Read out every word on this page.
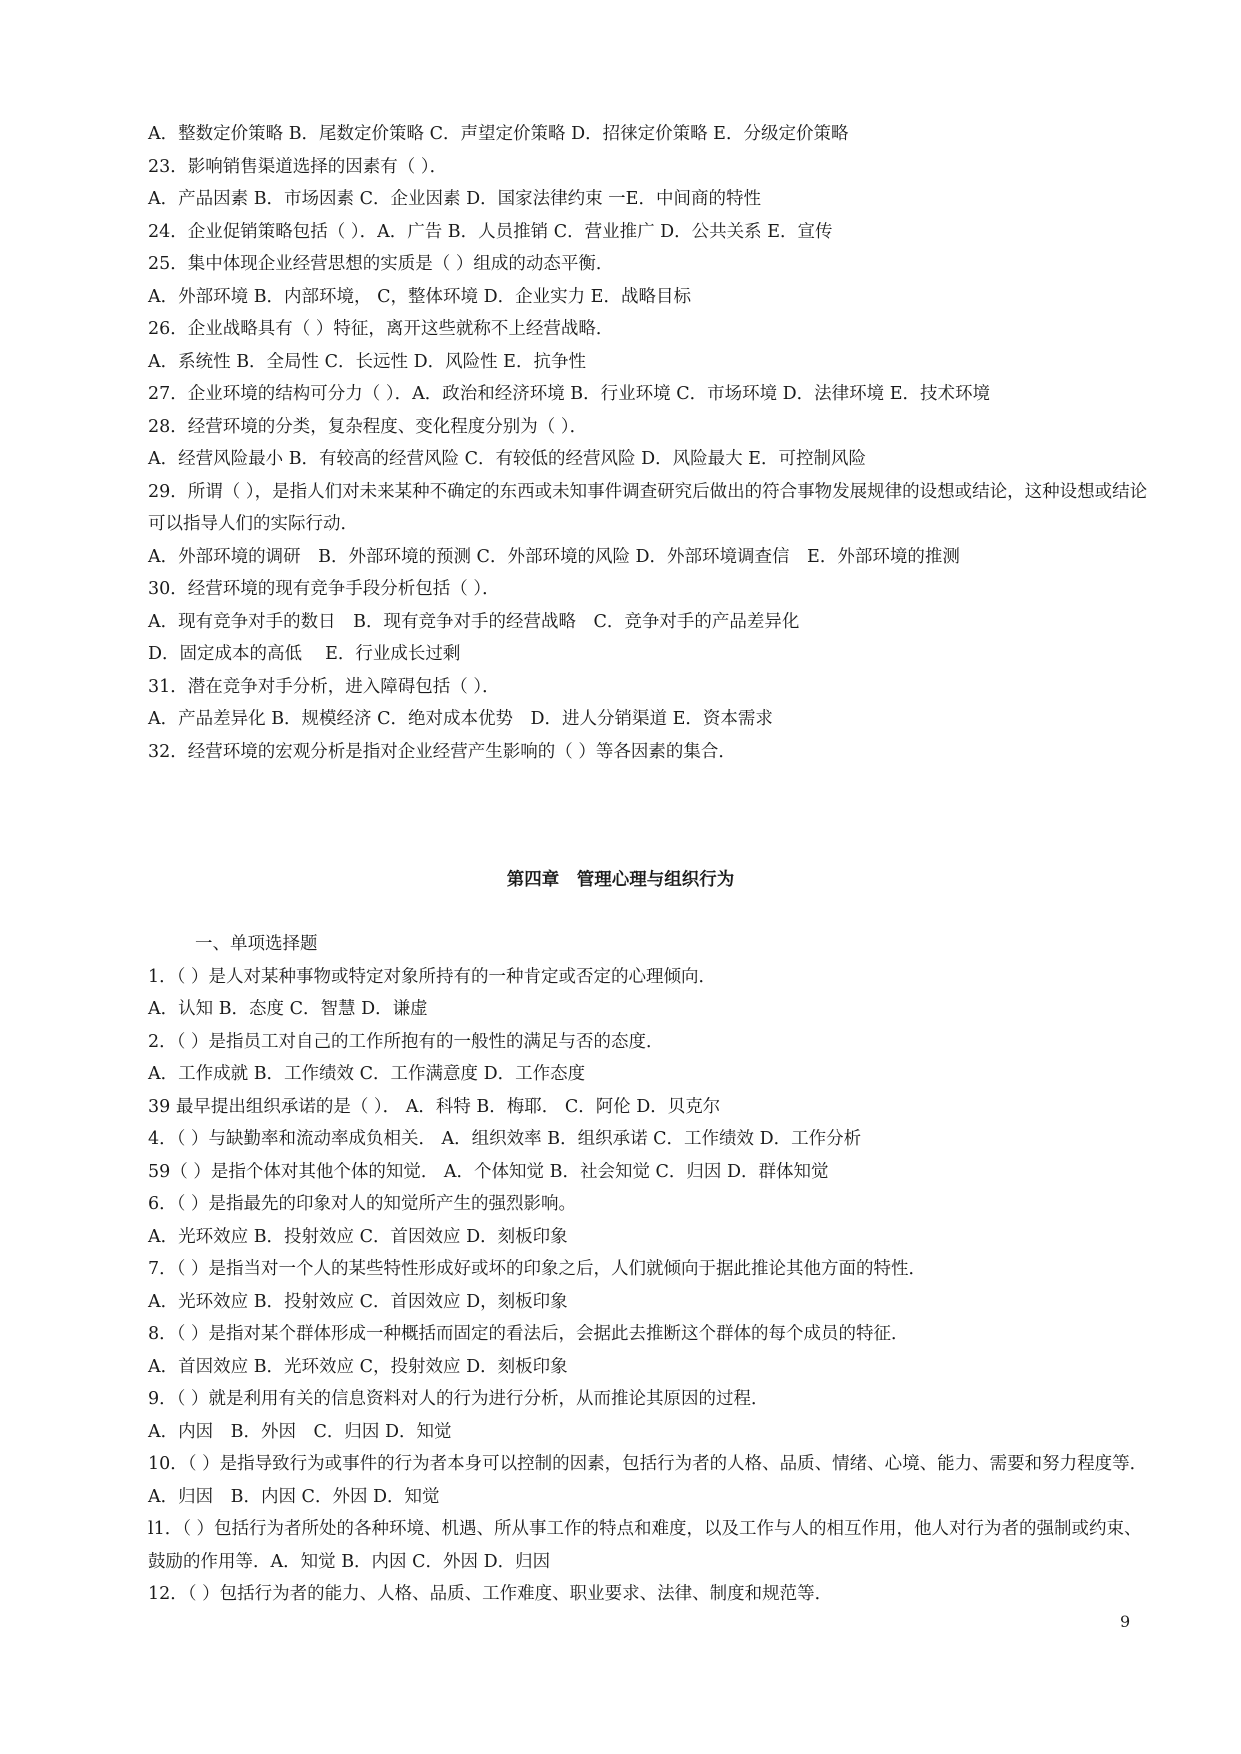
A．整数定价策略 B．尾数定价策略 C．声望定价策略 D．招徕定价策略 E．分级定价策略
23．影响销售渠道选择的因素有（ ）．
A．产品因素 B．市场因素 C．企业因素 D．国家法律约束 一E．中间商的特性
24．企业促销策略包括（ ）．A．广告 B．人员推销 C．营业推广 D．公共关系 E．宣传
25．集中体现企业经营思想的实质是（ ）组成的动态平衡．
A．外部环境 B．内部环境， C，整体环境 D．企业实力 E．战略目标
26．企业战略具有（ ）特征，离开这些就称不上经营战略．
A．系统性 B．全局性 C．长远性 D．风险性 E．抗争性
27．企业环境的结构可分力（ ）．A．政治和经济环境 B．行业环境 C．市场环境 D．法律环境 E．技术环境
28．经营环境的分类，复杂程度、变化程度分别为（ ）．
A．经营风险最小 B．有较高的经营风险 C．有较低的经营风险 D．风险最大 E．可控制风险
29．所谓（ ），是指人们对未来某种不确定的东西或未知事件调查研究后做出的符合事物发展规律的设想或结论，这种设想或结论可以指导人们的实际行动．
A．外部环境的调研　B．外部环境的预测 C．外部环境的风险 D．外部环境调查信　E．外部环境的推测
30．经营环境的现有竞争手段分析包括（ ）．
A．现有竞争对手的数日　B．现有竞争对手的经营战略　C．竞争对手的产品差异化
D．固定成本的高低　 E．行业成长过剩
31．潜在竞争对手分析，进入障碍包括（ ）．
A．产品差异化 B．规模经济 C．绝对成本优势　D．进人分销渠道 E．资本需求
32．经营环境的宏观分析是指对企业经营产生影响的（ ）等各因素的集合．
第四章　管理心理与组织行为
一、单项选择题
1．（ ）是人对某种事物或特定对象所持有的一种肯定或否定的心理倾向．
A．认知 B．态度 C．智慧 D．谦虚
2．（ ）是指员工对自己的工作所抱有的一般性的满足与否的态度．
A．工作成就 B．工作绩效 C．工作满意度 D．工作态度
39 最早提出组织承诺的是（ ）． A．科特 B．梅耶． C．阿伦 D．贝克尔
4．（ ）与缺勤率和流动率成负相关． A．组织效率 B．组织承诺 C．工作绩效 D．工作分析
59（ ）是指个体对其他个体的知觉． A．个体知觉 B．社会知觉 C．归因 D．群体知觉
6．（ ）是指最先的印象对人的知觉所产生的强烈影响。
A．光环效应 B．投射效应 C．首因效应 D．刻板印象
7．（ ）是指当对一个人的某些特性形成好或坏的印象之后，人们就倾向于据此推论其他方面的特性．
A．光环效应 B．投射效应 C．首因效应 D，刻板印象
8．（ ）是指对某个群体形成一种概括而固定的看法后，会据此去推断这个群体的每个成员的特征．
A．首因效应 B．光环效应 C，投射效应 D．刻板印象
9．（ ）就是利用有关的信息资料对人的行为进行分析，从而推论其原因的过程．
A．内因　B．外因　C．归因 D．知觉
10．（ ）是指导致行为或事件的行为者本身可以控制的因素，包括行为者的人格、品质、情绪、心境、能力、需要和努力程度等． A．归因　B．内因 C．外因 D．知觉
l1．（ ）包括行为者所处的各种环境、机遇、所从事工作的特点和难度，以及工作与人的相互作用，他人对行为者的强制或约束、鼓励的作用等．A．知觉 B．内因 C．外因 D．归因
12．（ ）包括行为者的能力、人格、品质、工作难度、职业要求、法律、制度和规范等．
9
